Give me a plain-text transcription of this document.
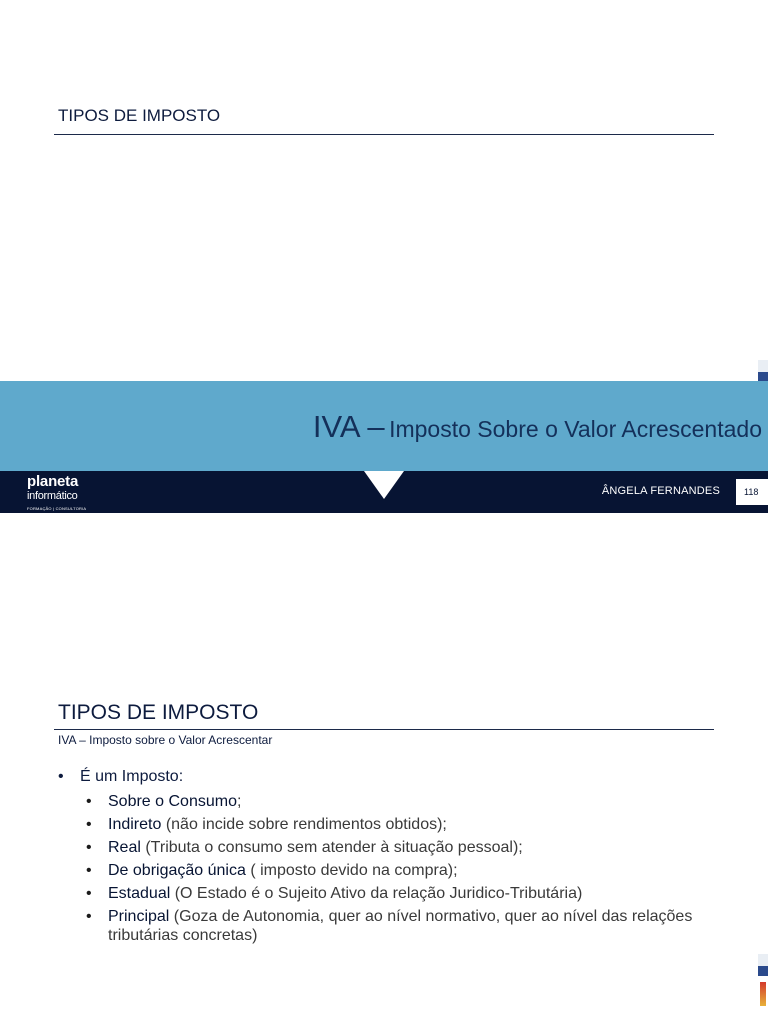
TIPOS DE IMPOSTO
IVA – Imposto Sobre o Valor Acrescentado
planeta
informático
FORMAÇÃO | CONSULTORIA
ÂNGELA FERNANDES	118
TIPOS DE IMPOSTO
IVA – Imposto sobre o Valor Acrescentar
• É um Imposto:
• Sobre o Consumo;
• Indireto (não incide sobre rendimentos obtidos);
• Real (Tributa o consumo sem atender à situação pessoal);
• De obrigação única ( imposto devido na compra);
• Estadual (O Estado é o Sujeito Ativo da relação Juridico-Tributária)
• Principal (Goza de Autonomia, quer ao nível normativo, quer ao nível das relações tributárias concretas)
